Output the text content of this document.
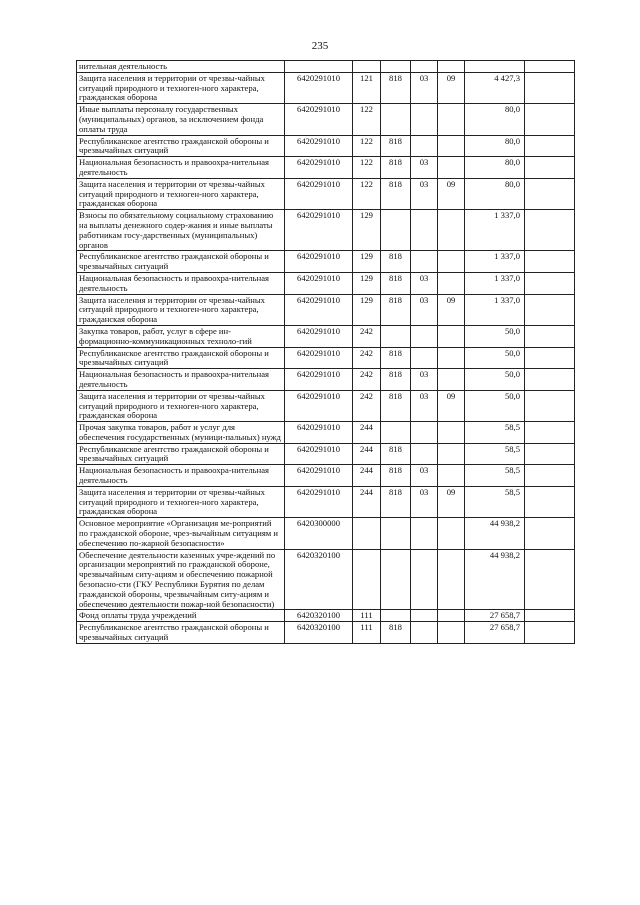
235
нительная деятельность							
Защита населения и территории от чрезвы-чайных ситуаций природного и техноген-ного характера, гражданская оборона	6420291010	121	818	03	09	4 427,3	
Иные выплаты персоналу государственных (муниципальных) органов, за исключением фонда оплаты труда	6420291010	122				80,0	
Республиканское агентство гражданской обороны и чрезвычайных ситуаций	6420291010	122	818			80,0	
Национальная безопасность и правоохра-нительная деятельность	6420291010	122	818	03		80,0	
Защита населения и территории от чрезвы-чайных ситуаций природного и техноген-ного характера, гражданская оборона	6420291010	122	818	03	09	80,0	
Взносы по обязательному социальному страхованию на выплаты денежного содер-жания и иные выплаты работникам госу-дарственных (муниципальных) органов	6420291010	129				1 337,0	
Республиканское агентство гражданской обороны и чрезвычайных ситуаций	6420291010	129	818			1 337,0	
Национальная безопасность и правоохра-нительная деятельность	6420291010	129	818	03		1 337,0	
Защита населения и территории от чрезвы-чайных ситуаций природного и техноген-ного характера, гражданская оборона	6420291010	129	818	03	09	1 337,0	
Закупка товаров, работ, услуг в сфере ин-формационно-коммуникационных техноло-гий	6420291010	242				50,0	
Республиканское агентство гражданской обороны и чрезвычайных ситуаций	6420291010	242	818			50,0	
Национальная безопасность и правоохра-нительная деятельность	6420291010	242	818	03		50,0	
Защита населения и территории от чрезвы-чайных ситуаций природного и техноген-ного характера, гражданская оборона	6420291010	242	818	03	09	50,0	
Прочая закупка товаров, работ и услуг для обеспечения государственных (муници-пальных) нужд	6420291010	244				58,5	
Республиканское агентство гражданской обороны и чрезвычайных ситуаций	6420291010	244	818			58,5	
Национальная безопасность и правоохра-нительная деятельность	6420291010	244	818	03		58,5	
Защита населения и территории от чрезвы-чайных ситуаций природного и техноген-ного характера, гражданская оборона	6420291010	244	818	03	09	58,5	
Основное мероприятие «Организация ме-роприятий по гражданской обороне, чрез-вычайным ситуациям и обеспечению по-жарной безопасности»	6420300000					44 938,2	
Обеспечение деятельности казенных учре-ждений по организации мероприятий по гражданской обороне, чрезвычайным ситу-ациям и обеспечению пожарной безопасно-сти (ГКУ Республики Бурятия по делам гражданской обороны, чрезвычайным ситу-ациям и обеспечению деятельности пожар-ной безопасности)	6420320100					44 938,2	
Фонд оплаты труда учреждений	6420320100	111				27 658,7	
Республиканское агентство гражданской обороны и чрезвычайных ситуаций	6420320100	111	818			27 658,7	
